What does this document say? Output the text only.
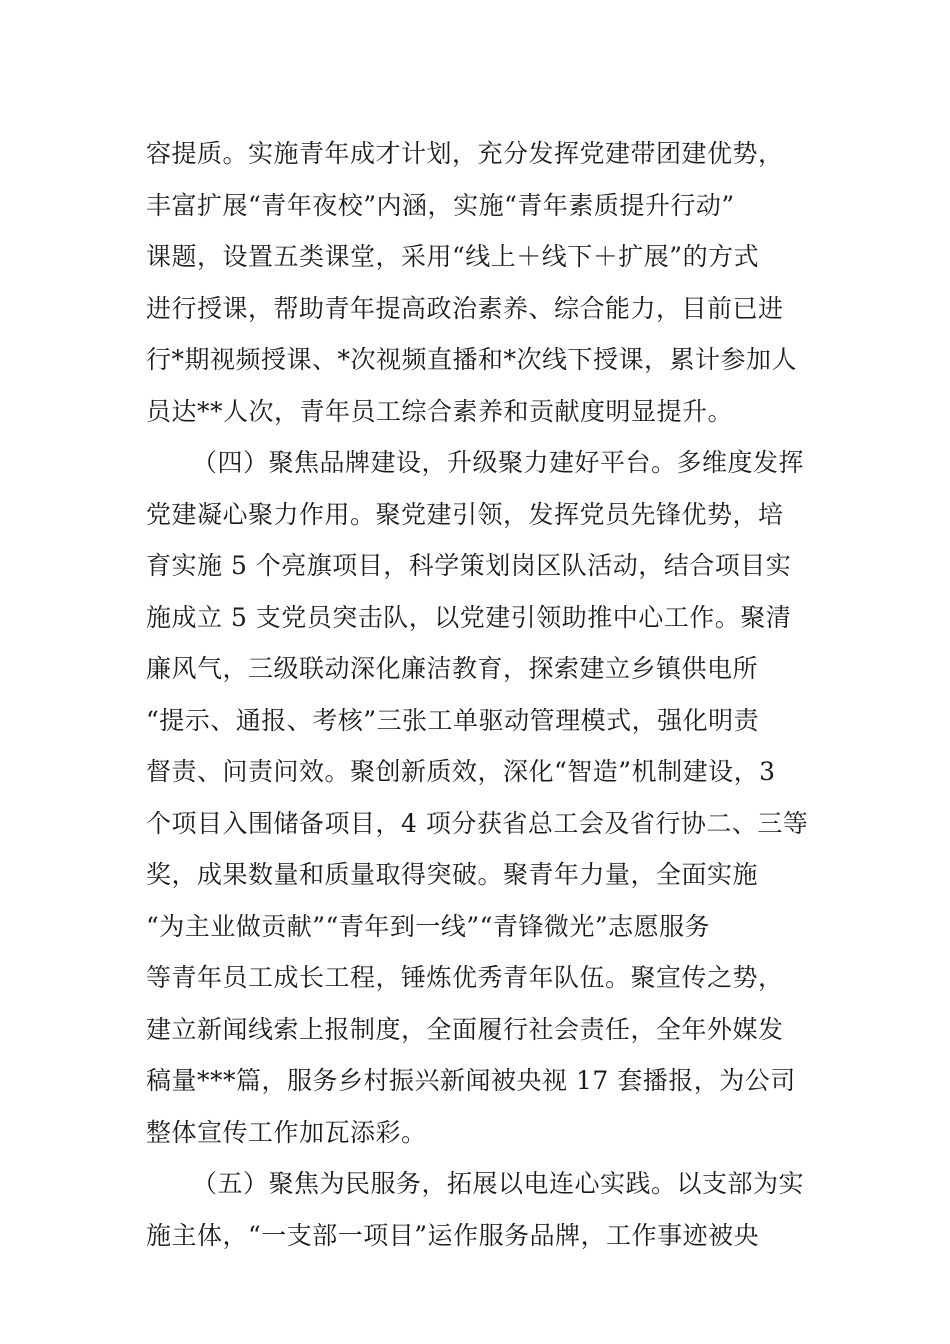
容提质。实施青年成才计划，充分发挥党建带团建优势，
丰富扩展“青年夜校”内涵，实施“青年素质提升行动”
课题，设置五类课堂，采用“线上＋线下＋扩展”的方式
进行授课，帮助青年提高政治素养、综合能力，目前已进
行*期视频授课、*次视频直播和*次线下授课，累计参加人
员达**人次，青年员工综合素养和贡献度明显提升。
（四）聚焦品牌建设，升级聚力建好平台。多维度发挥
党建凝心聚力作用。聚党建引领，发挥党员先锋优势，培
育实施 5 个亮旗项目，科学策划岗区队活动，结合项目实
施成立 5 支党员突击队，以党建引领助推中心工作。聚清
廉风气，三级联动深化廉洁教育，探索建立乡镇供电所
“提示、通报、考核”三张工单驱动管理模式，强化明责
督责、问责问效。聚创新质效，深化“智造”机制建设，3
个项目入围储备项目，4 项分获省总工会及省行协二、三等
奖，成果数量和质量取得突破。聚青年力量，全面实施
“为主业做贡献”“青年到一线”“青锋微光”志愿服务
等青年员工成长工程，锤炼优秀青年队伍。聚宣传之势，
建立新闻线索上报制度，全面履行社会责任，全年外媒发
稿量***篇，服务乡村振兴新闻被央视 17 套播报，为公司
整体宣传工作加瓦添彩。
（五）聚焦为民服务，拓展以电连心实践。以支部为实
施主体，“一支部一项目”运作服务品牌，工作事迹被央
